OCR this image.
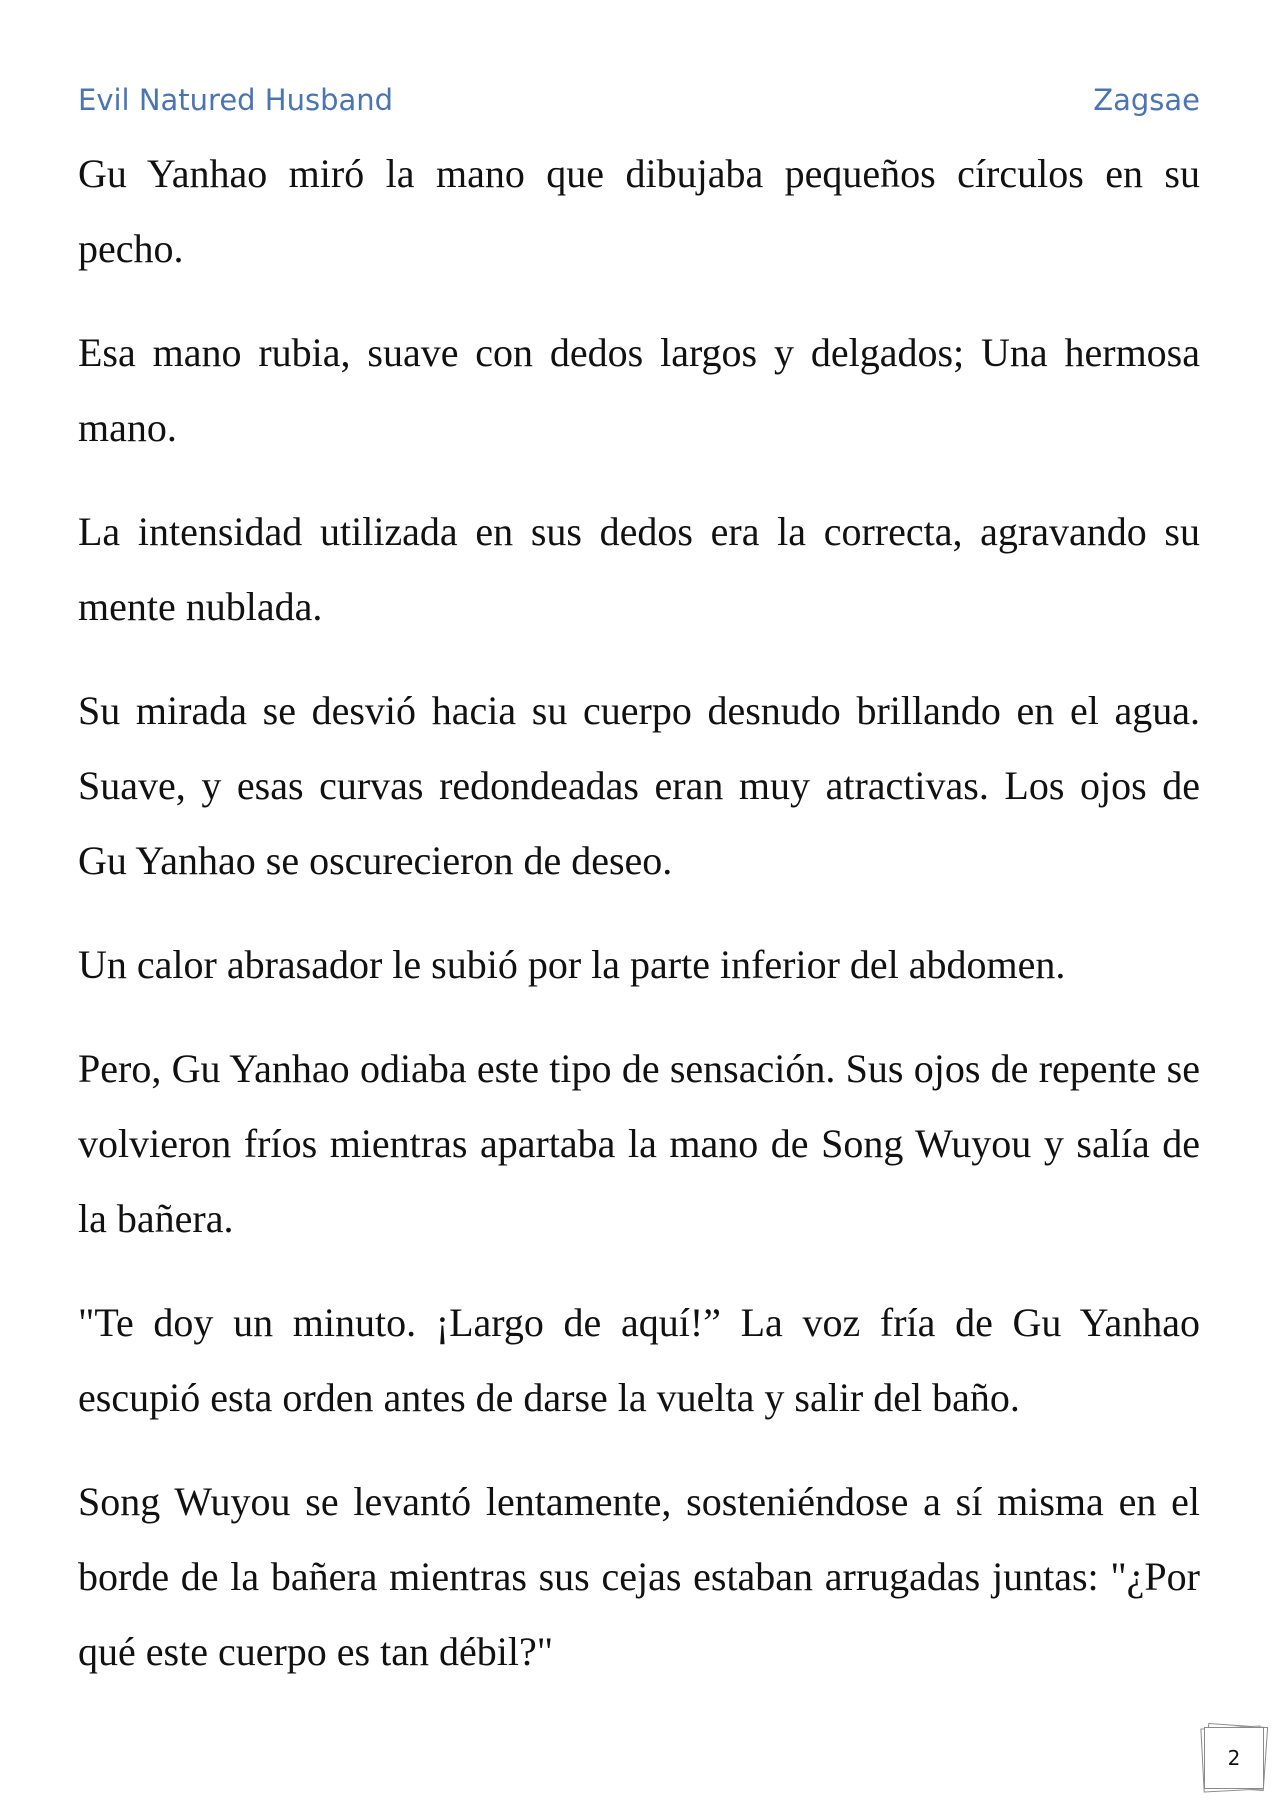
Evil Natured Husband	Zagsae

Gu Yanhao miró la mano que dibujaba pequeños círculos en su pecho.

Esa mano rubia, suave con dedos largos y delgados; Una hermosa mano.

La intensidad utilizada en sus dedos era la correcta, agravando su mente nublada.

Su mirada se desvió hacia su cuerpo desnudo brillando en el agua. Suave, y esas curvas redondeadas eran muy atractivas. Los ojos de Gu Yanhao se oscurecieron de deseo.

Un calor abrasador le subió por la parte inferior del abdomen.

Pero, Gu Yanhao odiaba este tipo de sensación. Sus ojos de repente se volvieron fríos mientras apartaba la mano de Song Wuyou y salía de la bañera.

"Te doy un minuto. ¡Largo de aquí!” La voz fría de Gu Yanhao escupió esta orden antes de darse la vuelta y salir del baño.

Song Wuyou se levantó lentamente, sosteniéndose a sí misma en el borde de la bañera mientras sus cejas estaban arrugadas juntas: "¿Por qué este cuerpo es tan débil?"

2
